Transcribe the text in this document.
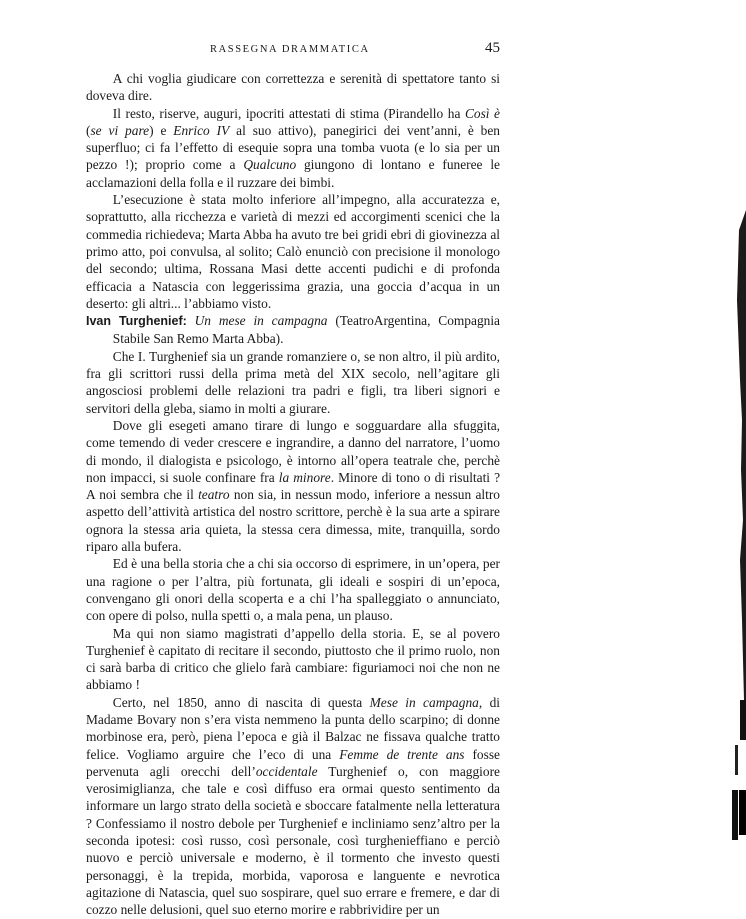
RASSEGNA DRAMMATICA	45

A chi voglia giudicare con correttezza e serenità di spettatore tanto si doveva dire.

Il resto, riserve, auguri, ipocriti attestati di stima (Pirandello ha Così è (se vi pare) e Enrico IV al suo attivo), panegirici dei vent’anni, è ben superfluo; ci fa l’effetto di esequie sopra una tomba vuota (e lo sia per un pezzo !); proprio come a Qualcuno giungono di lontano e funeree le acclamazioni della folla e il ruzzare dei bimbi.

L’esecuzione è stata molto inferiore all’impegno, alla accuratezza e, soprattutto, alla ricchezza e varietà di mezzi ed accorgimenti scenici che la commedia richiedeva; Marta Abba ha avuto tre bei gridi ebri di giovinezza al primo atto, poi convulsa, al solito; Calò enunciò con precisione il monologo del secondo; ultima, Rossana Masi dette accenti pudichi e di profonda efficacia a Natascia con leggerissima grazia, una goccia d’acqua in un deserto: gli altri... l’abbiamo visto.

Ivan Turghenief: Un mese in campagna (TeatroArgentina, Compagnia Stabile San Remo Marta Abba).

Che I. Turghenief sia un grande romanziere o, se non altro, il più ardito, fra gli scrittori russi della prima metà del XIX secolo, nell’agitare gli angosciosi problemi delle relazioni tra padri e figli, tra liberi signori e servitori della gleba, siamo in molti a giurare.

Dove gli esegeti amano tirare di lungo e sogguardare alla sfuggita, come temendo di veder crescere e ingrandire, a danno del narratore, l’uomo di mondo, il dialogista e psicologo, è intorno all’opera teatrale che, perchè non impacci, si suole confinare fra la minore. Minore di tono o di risultati ? A noi sembra che il teatro non sia, in nessun modo, inferiore a nessun altro aspetto dell’attività artistica del nostro scrittore, perchè è la sua arte a spirare ognora la stessa aria quieta, la stessa cera dimessa, mite, tranquilla, sordo riparo alla bufera.

Ed è una bella storia che a chi sia occorso di esprimere, in un’opera, per una ragione o per l’altra, più fortunata, gli ideali e sospiri di un’epoca, convengano gli onori della scoperta e a chi l’ha spalleggiato o annunciato, con opere di polso, nulla spetti o, a mala pena, un plauso.

Ma qui non siamo magistrati d’appello della storia. E, se al povero Turghenief è capitato di recitare il secondo, piuttosto che il primo ruolo, non ci sarà barba di critico che glielo farà cambiare: figuriamoci noi che non ne abbiamo !

Certo, nel 1850, anno di nascita di questa Mese in campagna, di Madame Bovary non s’era vista nemmeno la punta dello scarpino; di donne morbinose era, però, piena l’epoca e già il Balzac ne fissava qualche tratto felice. Vogliamo arguire che l’eco di una Femme de trente ans fosse pervenuta agli orecchi dell’occidentale Turghenief o, con maggiore verosimiglianza, che tale e così diffuso era ormai questo sentimento da informare un largo strato della società e sboccare fatalmente nella letteratura ? Confessiamo il nostro debole per Turghenief e incliniamo senz’altro per la seconda ipotesi: così russo, così personale, così turghenieffiano e perciò nuovo e perciò universale e moderno, è il tormento che investo questi personaggi, è la trepida, morbida, vaporosa e languente e nevrotica agitazione di Natascia, quel suo sospirare, quel suo errare e fremere, e dar di cozzo nelle delusioni, quel suo eterno morire e rabbrividire per un
